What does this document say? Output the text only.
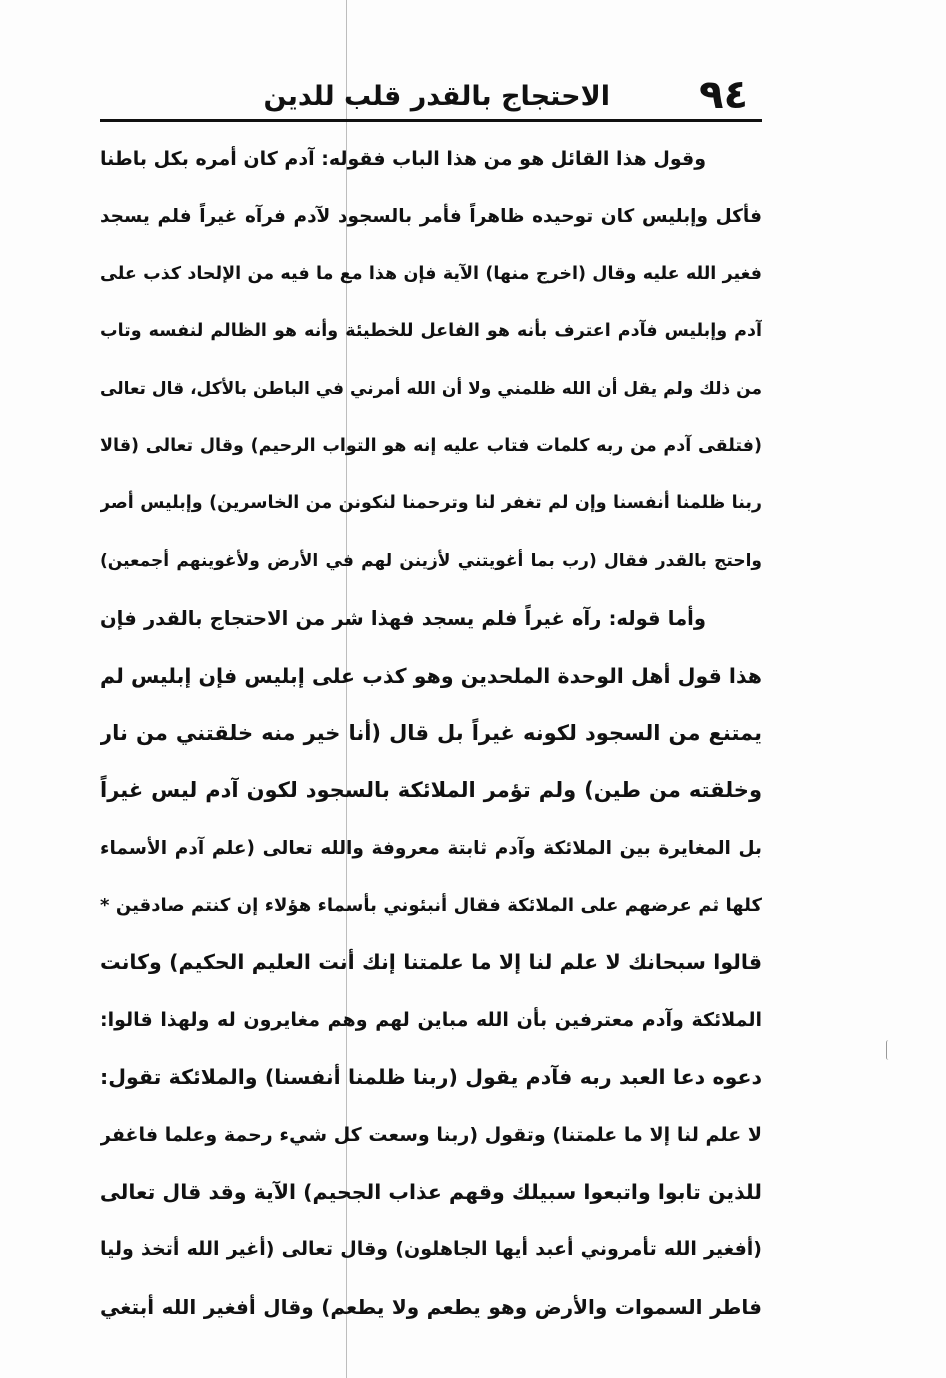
٩٤
الاحتجاج بالقدر قلب للدين
وقول هذا القائل هو من هذا الباب فقوله: آدم كان أمره بكل باطنا
فأكل وإبليس كان توحيده ظاهراً فأمر بالسجود لآدم فرآه غيراً فلم يسجد
فغير الله عليه وقال (اخرج منها) الآية فإن هذا مع ما فيه من الإلحاد كذب على
آدم وإبليس فآدم اعترف بأنه هو الفاعل للخطيئة وأنه هو الظالم لنفسه وتاب
من ذلك ولم يقل أن الله ظلمني ولا أن الله أمرني في الباطن بالأكل، قال تعالى
(فتلقى آدم من ربه كلمات فتاب عليه إنه هو التواب الرحيم) وقال تعالى (قالا
ربنا ظلمنا أنفسنا وإن لم تغفر لنا وترحمنا لنكونن من الخاسرين) وإبليس أصر
واحتج بالقدر فقال (رب بما أغويتني لأزينن لهم في الأرض ولأغوينهم أجمعين)
وأما قوله: رآه غيراً فلم يسجد فهذا شر من الاحتجاج بالقدر فإن
هذا قول أهل الوحدة الملحدين وهو كذب على إبليس فإن إبليس لم
يمتنع من السجود لكونه غيراً بل قال (أنا خير منه خلقتني من نار
وخلقته من طين) ولم تؤمر الملائكة بالسجود لكون آدم ليس غيراً
بل المغايرة بين الملائكة وآدم ثابتة معروفة والله تعالى (علم آدم الأسماء
كلها ثم عرضهم على الملائكة فقال أنبئوني بأسماء هؤلاء إن كنتم صادقين *
قالوا سبحانك لا علم لنا إلا ما علمتنا إنك أنت العليم الحكيم) وكانت
الملائكة وآدم معترفين بأن الله مباين لهم وهم مغايرون له ولهذا قالوا:
دعوه دعا العبد ربه فآدم يقول (ربنا ظلمنا أنفسنا) والملائكة تقول:
لا علم لنا إلا ما علمتنا) وتقول (ربنا وسعت كل شيء رحمة وعلما فاغفر
للذين تابوا واتبعوا سبيلك وقهم عذاب الجحيم) الآية وقد قال تعالى
(أفغير الله تأمروني أعبد أيها الجاهلون) وقال تعالى (أغير الله أتخذ وليا
فاطر السموات والأرض وهو يطعم ولا يطعم) وقال أفغير الله أبتغي
